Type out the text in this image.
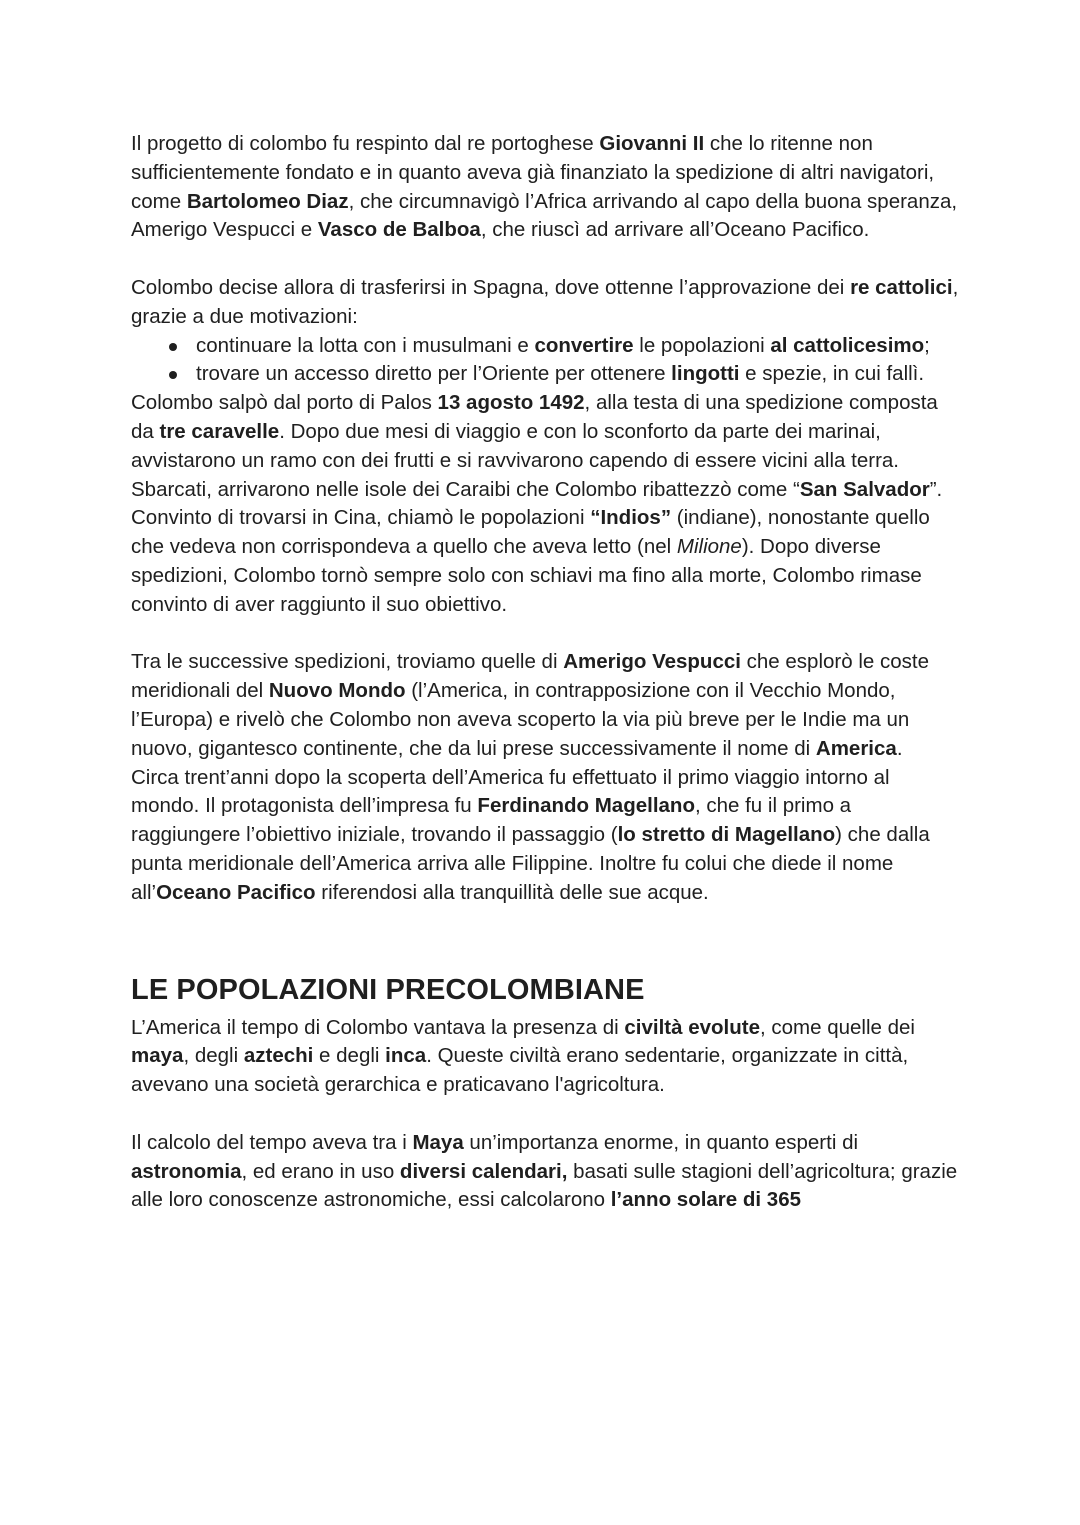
Il progetto di colombo fu respinto dal re portoghese Giovanni II che lo ritenne non sufficientemente fondato e in quanto aveva già finanziato la spedizione di altri navigatori, come Bartolomeo Diaz, che circumnavigò l’Africa arrivando al capo della buona speranza, Amerigo Vespucci e Vasco de Balboa, che riuscì ad arrivare all’Oceano Pacifico.

Colombo decise allora di trasferirsi in Spagna, dove ottenne l’approvazione dei re cattolici, grazie a due motivazioni:

continuare la lotta con i musulmani e convertire le popolazioni al cattolicesimo;
trovare un accesso diretto per l’Oriente per ottenere lingotti e spezie, in cui fallì.

Colombo salpò dal porto di Palos 13 agosto 1492, alla testa di una spedizione composta da tre caravelle. Dopo due mesi di viaggio e con lo sconforto da parte dei marinai, avvistarono un ramo con dei frutti e si ravvivarono capendo di essere vicini alla terra. Sbarcati, arrivarono nelle isole dei Caraibi che Colombo ribattezzò come “San Salvador”. Convinto di trovarsi in Cina, chiamò le popolazioni “Indios” (indiane), nonostante quello che vedeva non corrispondeva a quello che aveva letto (nel Milione). Dopo diverse spedizioni, Colombo tornò sempre solo con schiavi ma fino alla morte, Colombo rimase convinto di aver raggiunto il suo obiettivo.

Tra le successive spedizioni, troviamo quelle di Amerigo Vespucci che esplorò le coste meridionali del Nuovo Mondo (l’America, in contrapposizione con il Vecchio Mondo, l’Europa) e rivelò che Colombo non aveva scoperto la via più breve per le Indie ma un nuovo, gigantesco continente, che da lui prese successivamente il nome di America.

Circa trent’anni dopo la scoperta dell’America fu effettuato il primo viaggio intorno al mondo. Il protagonista dell’impresa fu Ferdinando Magellano, che fu il primo a raggiungere l’obiettivo iniziale, trovando il passaggio (lo stretto di Magellano) che dalla punta meridionale dell’America arriva alle Filippine. Inoltre fu colui che diede il nome all’Oceano Pacifico riferendosi alla tranquillità delle sue acque.

LE POPOLAZIONI PRECOLOMBIANE

L’America il tempo di Colombo vantava la presenza di civiltà evolute, come quelle dei maya, degli aztechi e degli inca. Queste civiltà erano sedentarie, organizzate in città, avevano una società gerarchica e praticavano l'agricoltura.

Il calcolo del tempo aveva tra i Maya un’importanza enorme, in quanto esperti di astronomia, ed erano in uso diversi calendari, basati sulle stagioni dell’agricoltura; grazie alle loro conoscenze astronomiche, essi calcolarono l’anno solare di 365
